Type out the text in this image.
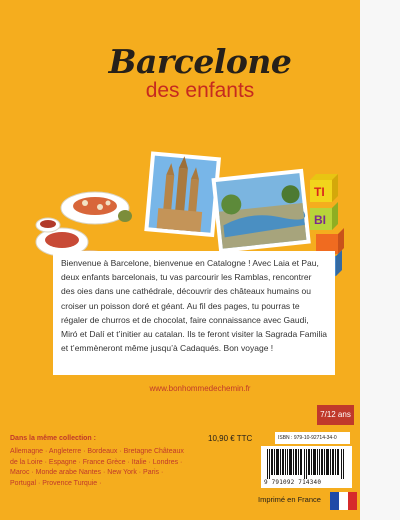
Barcelone
des enfants
TI
BI

Bienvenue à Barcelone, bienvenue en Catalogne ! Avec Laia et Pau, deux enfants barcelonais, tu vas parcourir les Ramblas, rencontrer des oies dans une cathédrale, découvrir des châteaux humains ou croiser un poisson doré et géant. Au fil des pages, tu pourras te régaler de churros et de chocolat, faire connaissance avec Gaudi, Miró et Dalí et t’initier au catalan. Ils te feront visiter la Sagrada Familia et t’emmèneront même jusqu’à Cadaqués. Bon voyage !

www.bonhommedechemin.fr
7/12 ans
Dans la même collection :
Allemagne · Angleterre · Bordeaux · Bretagne Châteaux de la Loire · Espagne · France Grèce · Italie · Londres · Maroc · Monde arabe Nantes · New York · Paris · Portugal · Provence Turquie ·
10,90 € TTC	ISBN : 979-10-92714-34-0
9 791092 714340
Imprimé en France
